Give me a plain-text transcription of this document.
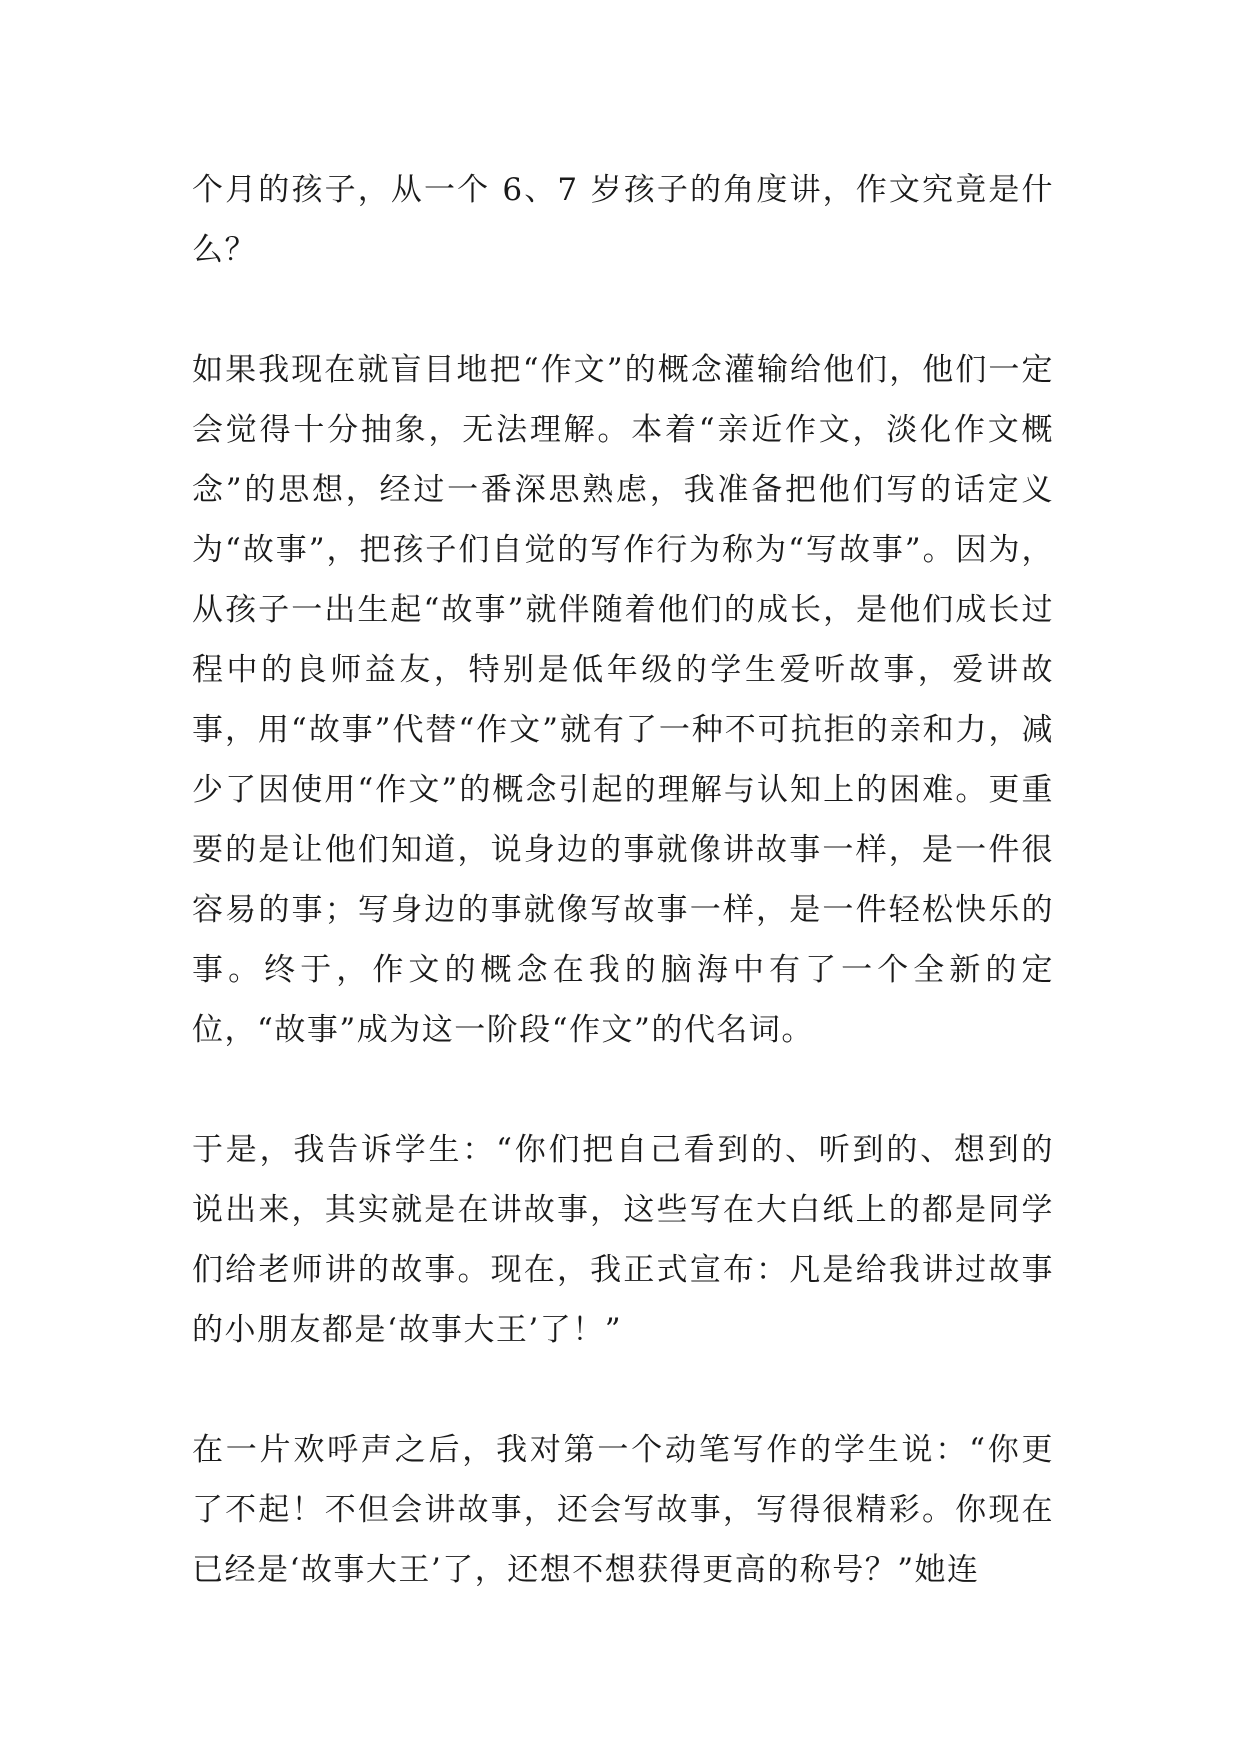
个月的孩子，从一个 6、7 岁孩子的角度讲，作文究竟是什么？

如果我现在就盲目地把“作文”的概念灌输给他们，他们一定会觉得十分抽象，无法理解。本着“亲近作文，淡化作文概念”的思想，经过一番深思熟虑，我准备把他们写的话定义为“故事”，把孩子们自觉的写作行为称为“写故事”。因为，从孩子一出生起“故事”就伴随着他们的成长，是他们成长过程中的良师益友，特别是低年级的学生爱听故事，爱讲故事，用“故事”代替“作文”就有了一种不可抗拒的亲和力，减少了因使用“作文”的概念引起的理解与认知上的困难。更重要的是让他们知道，说身边的事就像讲故事一样，是一件很容易的事；写身边的事就像写故事一样，是一件轻松快乐的事。终于，作文的概念在我的脑海中有了一个全新的定位，“故事”成为这一阶段“作文”的代名词。

于是，我告诉学生：“你们把自己看到的、听到的、想到的说出来，其实就是在讲故事，这些写在大白纸上的都是同学们给老师讲的故事。现在，我正式宣布：凡是给我讲过故事的小朋友都是‘故事大王’了！”

在一片欢呼声之后，我对第一个动笔写作的学生说：“你更了不起！不但会讲故事，还会写故事，写得很精彩。你现在已经是‘故事大王’了，还想不想获得更高的称号？”她连
